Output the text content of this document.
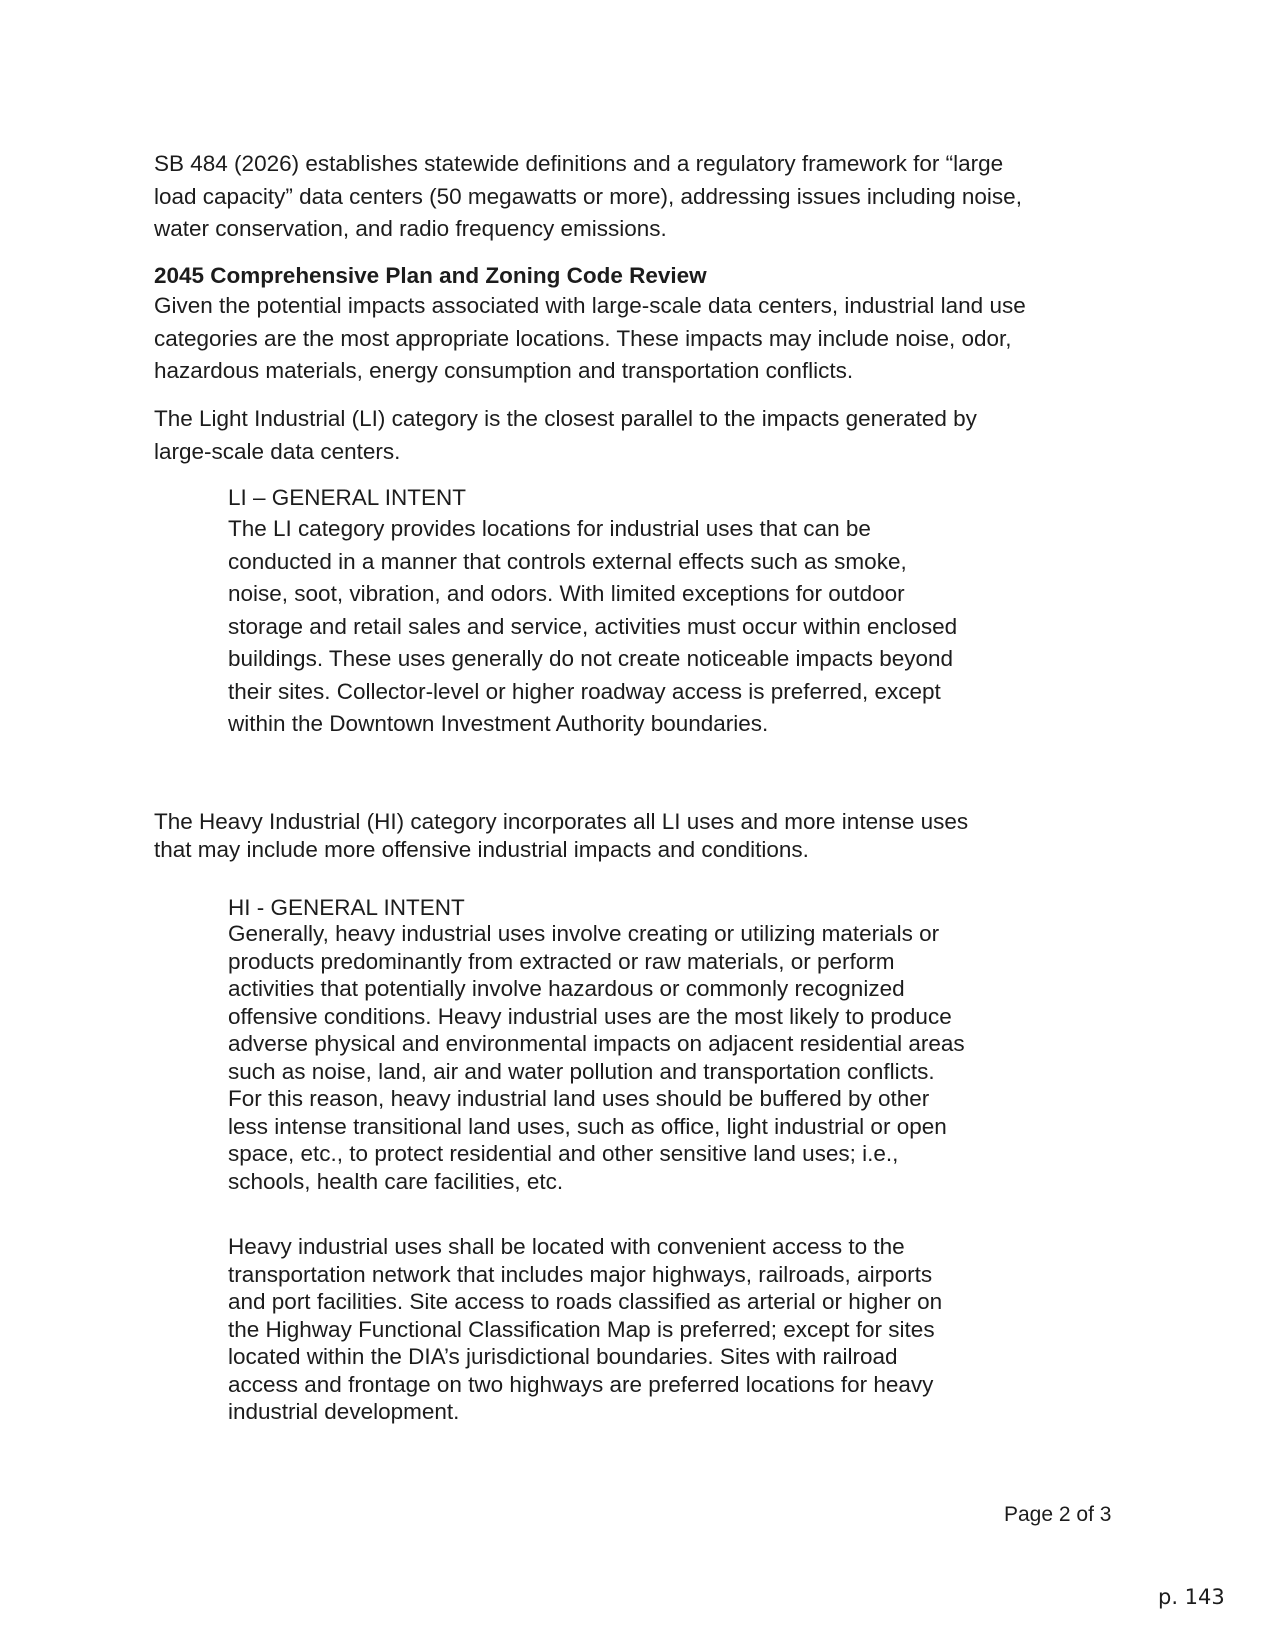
SB 484 (2026) establishes statewide definitions and a regulatory framework for “large
load capacity” data centers (50 megawatts or more), addressing issues including noise,
water conservation, and radio frequency emissions.

2045 Comprehensive Plan and Zoning Code Review

Given the potential impacts associated with large-scale data centers, industrial land use
categories are the most appropriate locations. These impacts may include noise, odor,
hazardous materials, energy consumption and transportation conflicts.

The Light Industrial (LI) category is the closest parallel to the impacts generated by
large-scale data centers.

LI – GENERAL INTENT

The LI category provides locations for industrial uses that can be
conducted in a manner that controls external effects such as smoke,
noise, soot, vibration, and odors. With limited exceptions for outdoor
storage and retail sales and service, activities must occur within enclosed
buildings. These uses generally do not create noticeable impacts beyond
their sites. Collector-level or higher roadway access is preferred, except
within the Downtown Investment Authority boundaries.

The Heavy Industrial (HI) category incorporates all LI uses and more intense uses
that may include more offensive industrial impacts and conditions.

HI - GENERAL INTENT

Generally, heavy industrial uses involve creating or utilizing materials or
products predominantly from extracted or raw materials, or perform
activities that potentially involve hazardous or commonly recognized
offensive conditions. Heavy industrial uses are the most likely to produce
adverse physical and environmental impacts on adjacent residential areas
such as noise, land, air and water pollution and transportation conflicts.
For this reason, heavy industrial land uses should be buffered by other
less intense transitional land uses, such as office, light industrial or open
space, etc., to protect residential and other sensitive land uses; i.e.,
schools, health care facilities, etc.

Heavy industrial uses shall be located with convenient access to the
transportation network that includes major highways, railroads, airports
and port facilities. Site access to roads classified as arterial or higher on
the Highway Functional Classification Map is preferred; except for sites
located within the DIA’s jurisdictional boundaries. Sites with railroad
access and frontage on two highways are preferred locations for heavy
industrial development.

Page 2 of 3
p. 143
